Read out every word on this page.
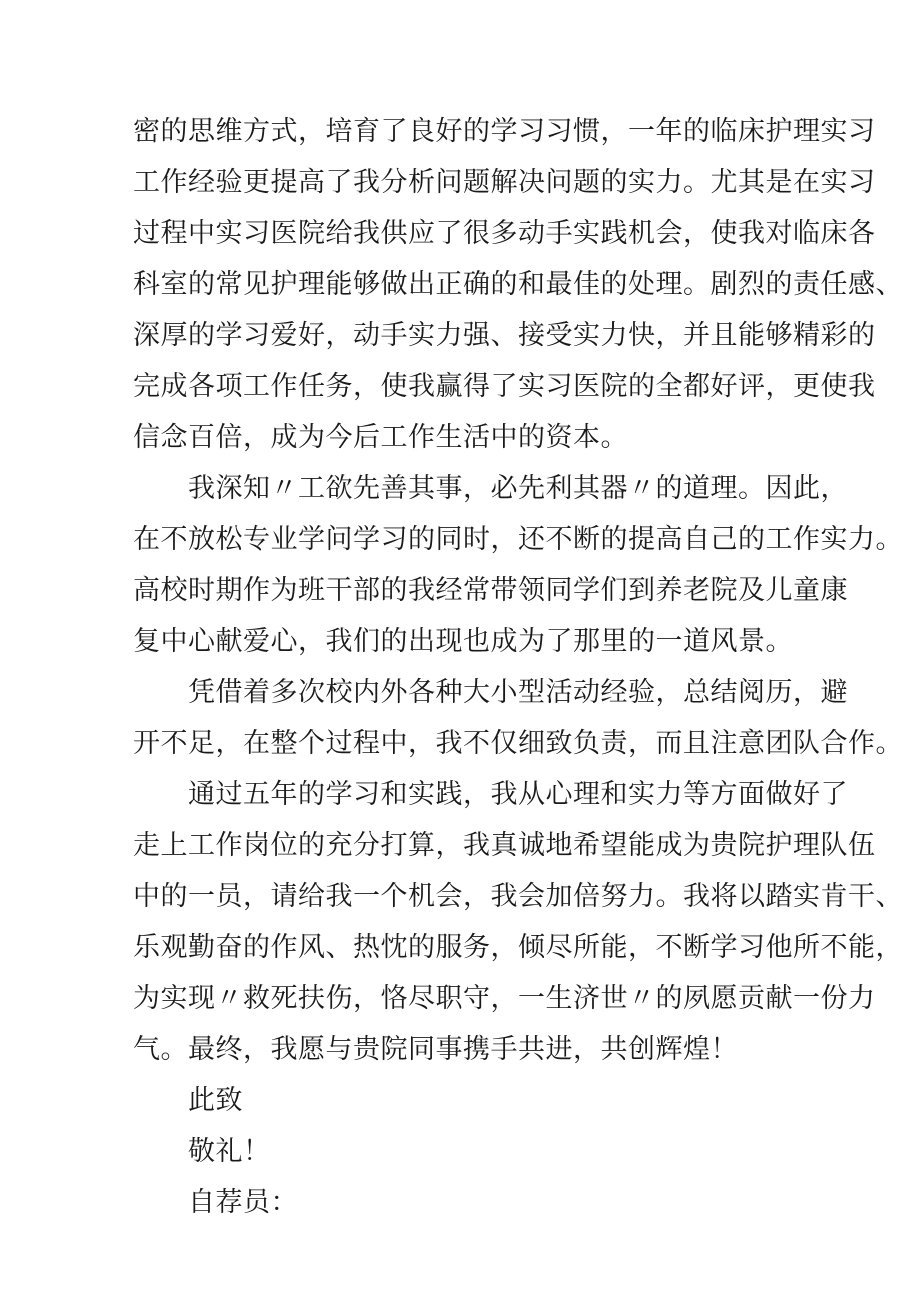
密的思维方式，培育了良好的学习习惯，一年的临床护理实习
工作经验更提高了我分析问题解决问题的实力。尤其是在实习
过程中实习医院给我供应了很多动手实践机会，使我对临床各
科室的常见护理能够做出正确的和最佳的处理。剧烈的责任感、
深厚的学习爱好，动手实力强、接受实力快，并且能够精彩的
完成各项工作任务，使我赢得了实习医院的全都好评，更使我
信念百倍，成为今后工作生活中的资本。
我深知〃工欲先善其事，必先利其器〃的道理。因此，
在不放松专业学问学习的同时，还不断的提高自己的工作实力。
高校时期作为班干部的我经常带领同学们到养老院及儿童康
复中心献爱心，我们的出现也成为了那里的一道风景。
凭借着多次校内外各种大小型活动经验，总结阅历，避
开不足，在整个过程中，我不仅细致负责，而且注意团队合作。
通过五年的学习和实践，我从心理和实力等方面做好了
走上工作岗位的充分打算，我真诚地希望能成为贵院护理队伍
中的一员，请给我一个机会，我会加倍努力。我将以踏实肯干、
乐观勤奋的作风、热忱的服务，倾尽所能，不断学习他所不能，
为实现〃救死扶伤，恪尽职守，一生济世〃的夙愿贡献一份力
气。最终，我愿与贵院同事携手共进，共创辉煌！
此致
敬礼！
自荐员：
